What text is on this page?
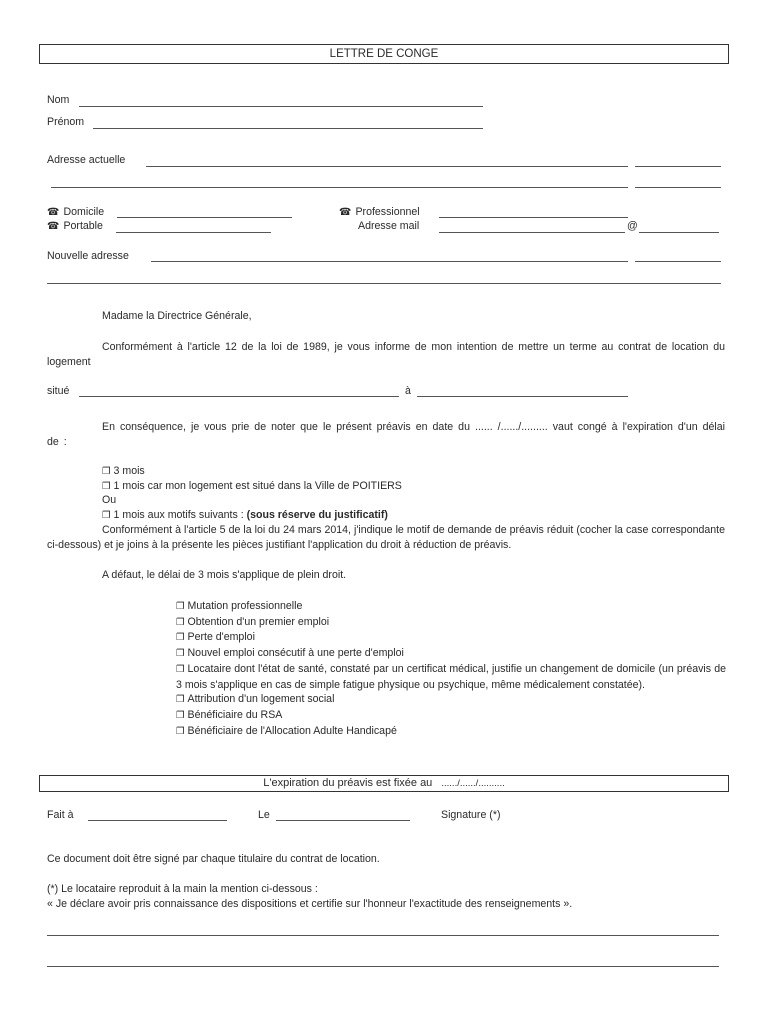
LETTRE DE CONGE
Nom
Prénom
Adresse actuelle
☎ Domicile
☎ Portable
☎ Professionnel
Adresse mail	@
Nouvelle adresse
Madame la Directrice Générale,
Conformément à l'article 12 de la loi de 1989, je vous informe de mon intention de mettre un terme au contrat de location du logement
situé	à
En conséquence, je vous prie de noter que le présent préavis en date du ...... /....../......... vaut congé à l'expiration d'un délai de :
❒ 3 mois
❒ 1 mois car mon logement est situé dans la Ville de POITIERS
Ou
❒ 1 mois aux motifs suivants : (sous réserve du justificatif)
Conformément à l'article 5 de la loi du 24 mars 2014, j'indique le motif de demande de préavis réduit (cocher la case correspondante ci-dessous) et je joins à la présente les pièces justifiant l'application du droit à réduction de préavis.
A défaut, le délai de 3 mois s'applique de plein droit.
❒ Mutation professionnelle
❒ Obtention d'un premier emploi
❒ Perte d'emploi
❒ Nouvel emploi consécutif à une perte d'emploi
❒ Locataire dont l'état de santé, constaté par un certificat médical, justifie un changement de domicile (un préavis de 3 mois s'applique en cas de simple fatigue physique ou psychique, même médicalement constatée).
❒ Attribution d'un logement social
❒ Bénéficiaire du RSA
❒ Bénéficiaire de l'Allocation Adulte Handicapé
L'expiration du préavis est fixée au ....../....../..........
Fait à	Le	Signature (*)
Ce document doit être signé par chaque titulaire du contrat de location.
(*) Le locataire reproduit à la main la mention ci-dessous :
« Je déclare avoir pris connaissance des dispositions et certifie sur l'honneur l'exactitude des renseignements ».
